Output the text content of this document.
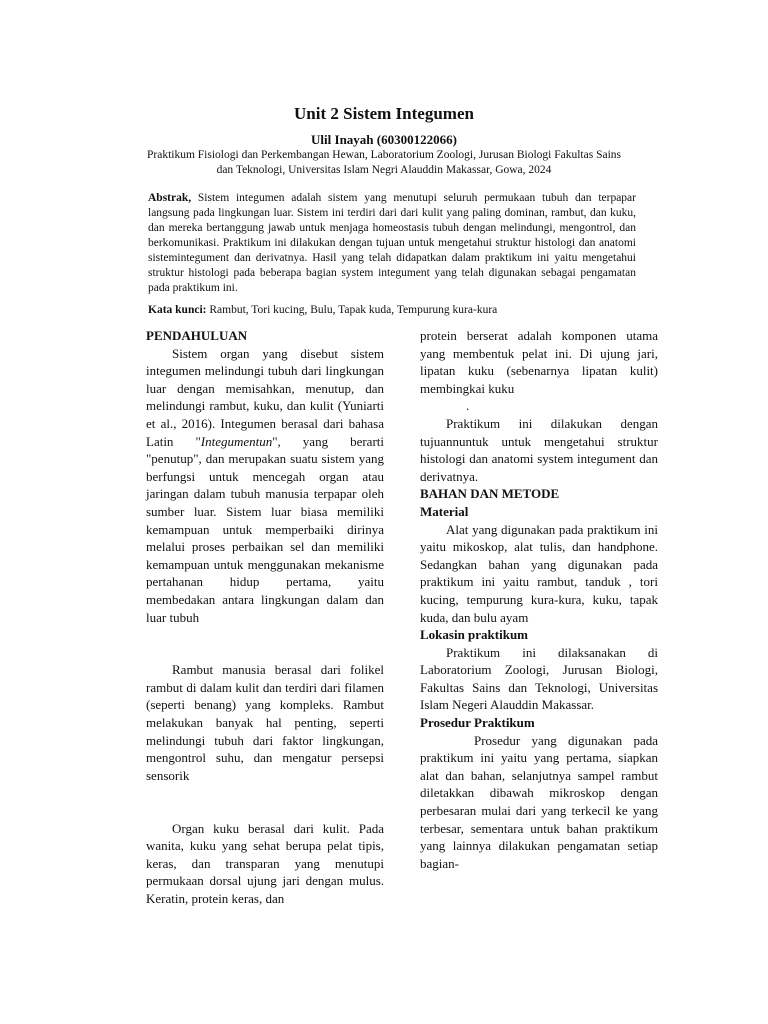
Unit 2 Sistem Integumen
Ulil Inayah (60300122066)
Praktikum Fisiologi dan Perkembangan Hewan, Laboratorium Zoologi, Jurusan Biologi Fakultas Sains dan Teknologi, Universitas Islam Negri Alauddin Makassar, Gowa, 2024

Abstrak, Sistem integumen adalah sistem yang menutupi seluruh permukaan tubuh dan terpapar langsung pada lingkungan luar. Sistem ini terdiri dari dari kulit yang paling dominan, rambut, dan kuku, dan mereka bertanggung jawab untuk menjaga homeostasis tubuh dengan melindungi, mengontrol, dan berkomunikasi. Praktikum ini dilakukan dengan tujuan untuk mengetahui struktur histologi dan anatomi sistemintegument dan derivatnya. Hasil yang telah didapatkan dalam praktikum ini yaitu mengetahui struktur histologi pada beberapa bagian system integument yang telah digunakan sebagai pengamatan pada praktikum ini.

Kata kunci: Rambut, Tori kucing, Bulu, Tapak kuda, Tempurung kura-kura
PENDAHULUAN

Sistem organ yang disebut sistem integumen melindungi tubuh dari lingkungan luar dengan memisahkan, menutup, dan melindungi rambut, kuku, dan kulit (Yuniarti et al., 2016). Integumen berasal dari bahasa Latin "Integumentun", yang berarti "penutup", dan merupakan suatu sistem yang berfungsi untuk mencegah organ atau jaringan dalam tubuh manusia terpapar oleh sumber luar. Sistem luar biasa memiliki kemampuan untuk memperbaiki dirinya melalui proses perbaikan sel dan memiliki kemampuan untuk menggunakan mekanisme pertahanan hidup pertama, yaitu membedakan antara lingkungan dalam dan luar tubuh

Rambut manusia berasal dari folikel rambut di dalam kulit dan terdiri dari filamen (seperti benang) yang kompleks. Rambut melakukan banyak hal penting, seperti melindungi tubuh dari faktor lingkungan, mengontrol suhu, dan mengatur persepsi sensorik

Organ kuku berasal dari kulit. Pada wanita, kuku yang sehat berupa pelat tipis, keras, dan transparan yang menutupi permukaan dorsal ujung jari dengan mulus. Keratin, protein keras, dan

protein berserat adalah komponen utama yang membentuk pelat ini. Di ujung jari, lipatan kuku (sebenarnya lipatan kulit) membingkai kuku

.

Praktikum ini dilakukan dengan tujuannuntuk untuk mengetahui struktur histologi dan anatomi system integument dan derivatnya.

BAHAN DAN METODE
Material

Alat yang digunakan pada praktikum ini yaitu mikoskop, alat tulis, dan handphone. Sedangkan bahan yang digunakan pada praktikum ini yaitu rambut, tanduk , tori kucing, tempurung kura-kura, kuku, tapak kuda, dan bulu ayam

Lokasin praktikum

Praktikum ini dilaksanakan di Laboratorium Zoologi, Jurusan Biologi, Fakultas Sains dan Teknologi, Universitas Islam Negeri Alauddin Makassar.

Prosedur Praktikum

Prosedur yang digunakan pada praktikum ini yaitu yang pertama, siapkan alat dan bahan, selanjutnya sampel rambut diletakkan dibawah mikroskop dengan perbesaran mulai dari yang terkecil ke yang terbesar, sementara untuk bahan praktikum yang lainnya dilakukan pengamatan setiap bagian-
